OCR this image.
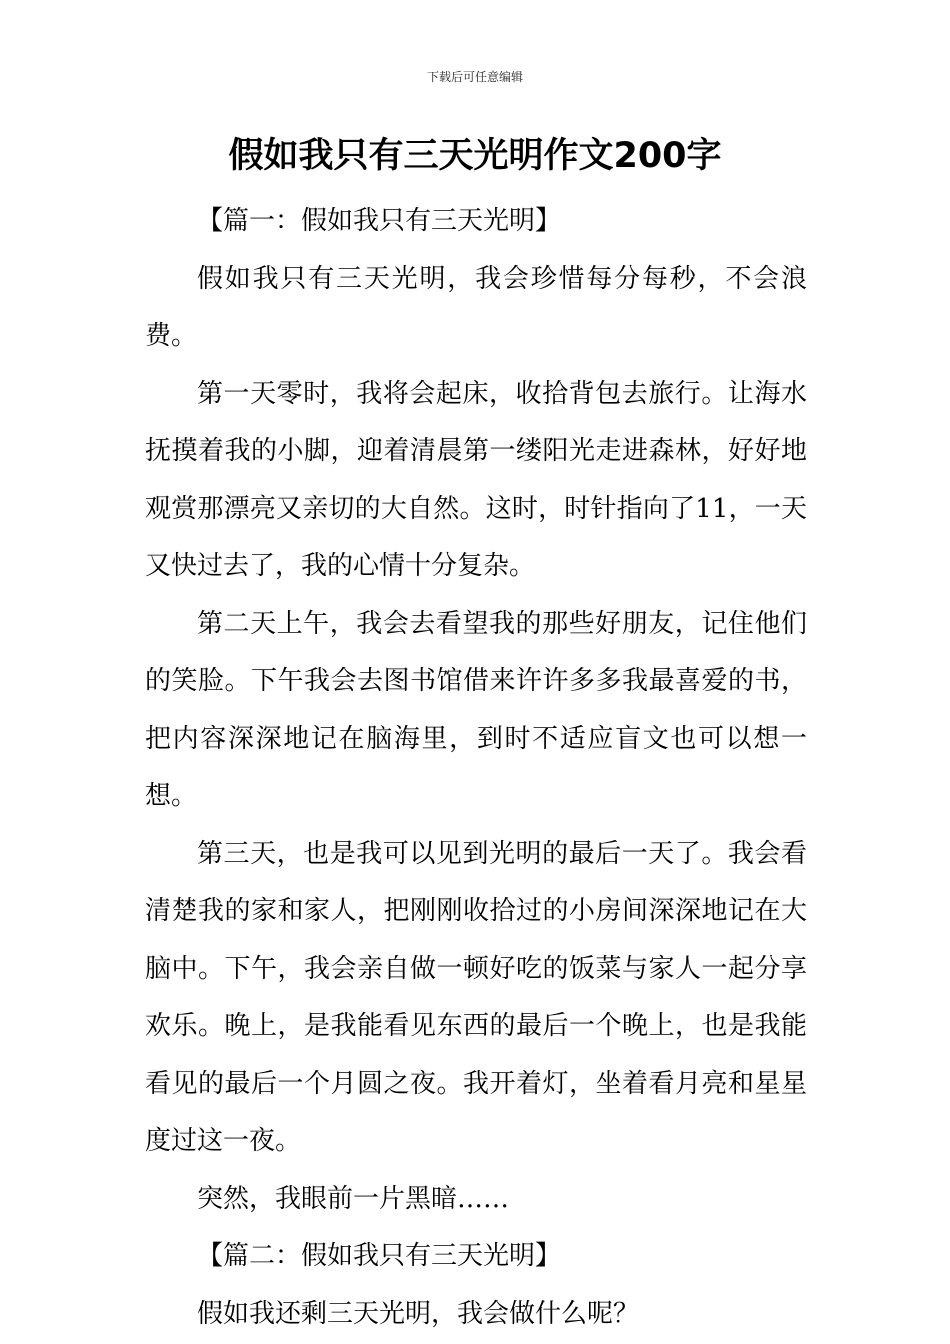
下载后可任意编辑
假如我只有三天光明作文200字

【篇一：假如我只有三天光明】

假如我只有三天光明，我会珍惜每分每秒，不会浪费。

第一天零时，我将会起床，收拾背包去旅行。让海水抚摸着我的小脚，迎着清晨第一缕阳光走进森林，好好地观赏那漂亮又亲切的大自然。这时，时针指向了11，一天又快过去了，我的心情十分复杂。

第二天上午，我会去看望我的那些好朋友，记住他们的笑脸。下午我会去图书馆借来许许多多我最喜爱的书，把内容深深地记在脑海里，到时不适应盲文也可以想一想。

第三天，也是我可以见到光明的最后一天了。我会看清楚我的家和家人，把刚刚收拾过的小房间深深地记在大脑中。下午，我会亲自做一顿好吃的饭菜与家人一起分享欢乐。晚上，是我能看见东西的最后一个晚上，也是我能看见的最后一个月圆之夜。我开着灯，坐着看月亮和星星度过这一夜。

突然，我眼前一片黑暗……

【篇二：假如我只有三天光明】

假如我还剩三天光明，我会做什么呢？
